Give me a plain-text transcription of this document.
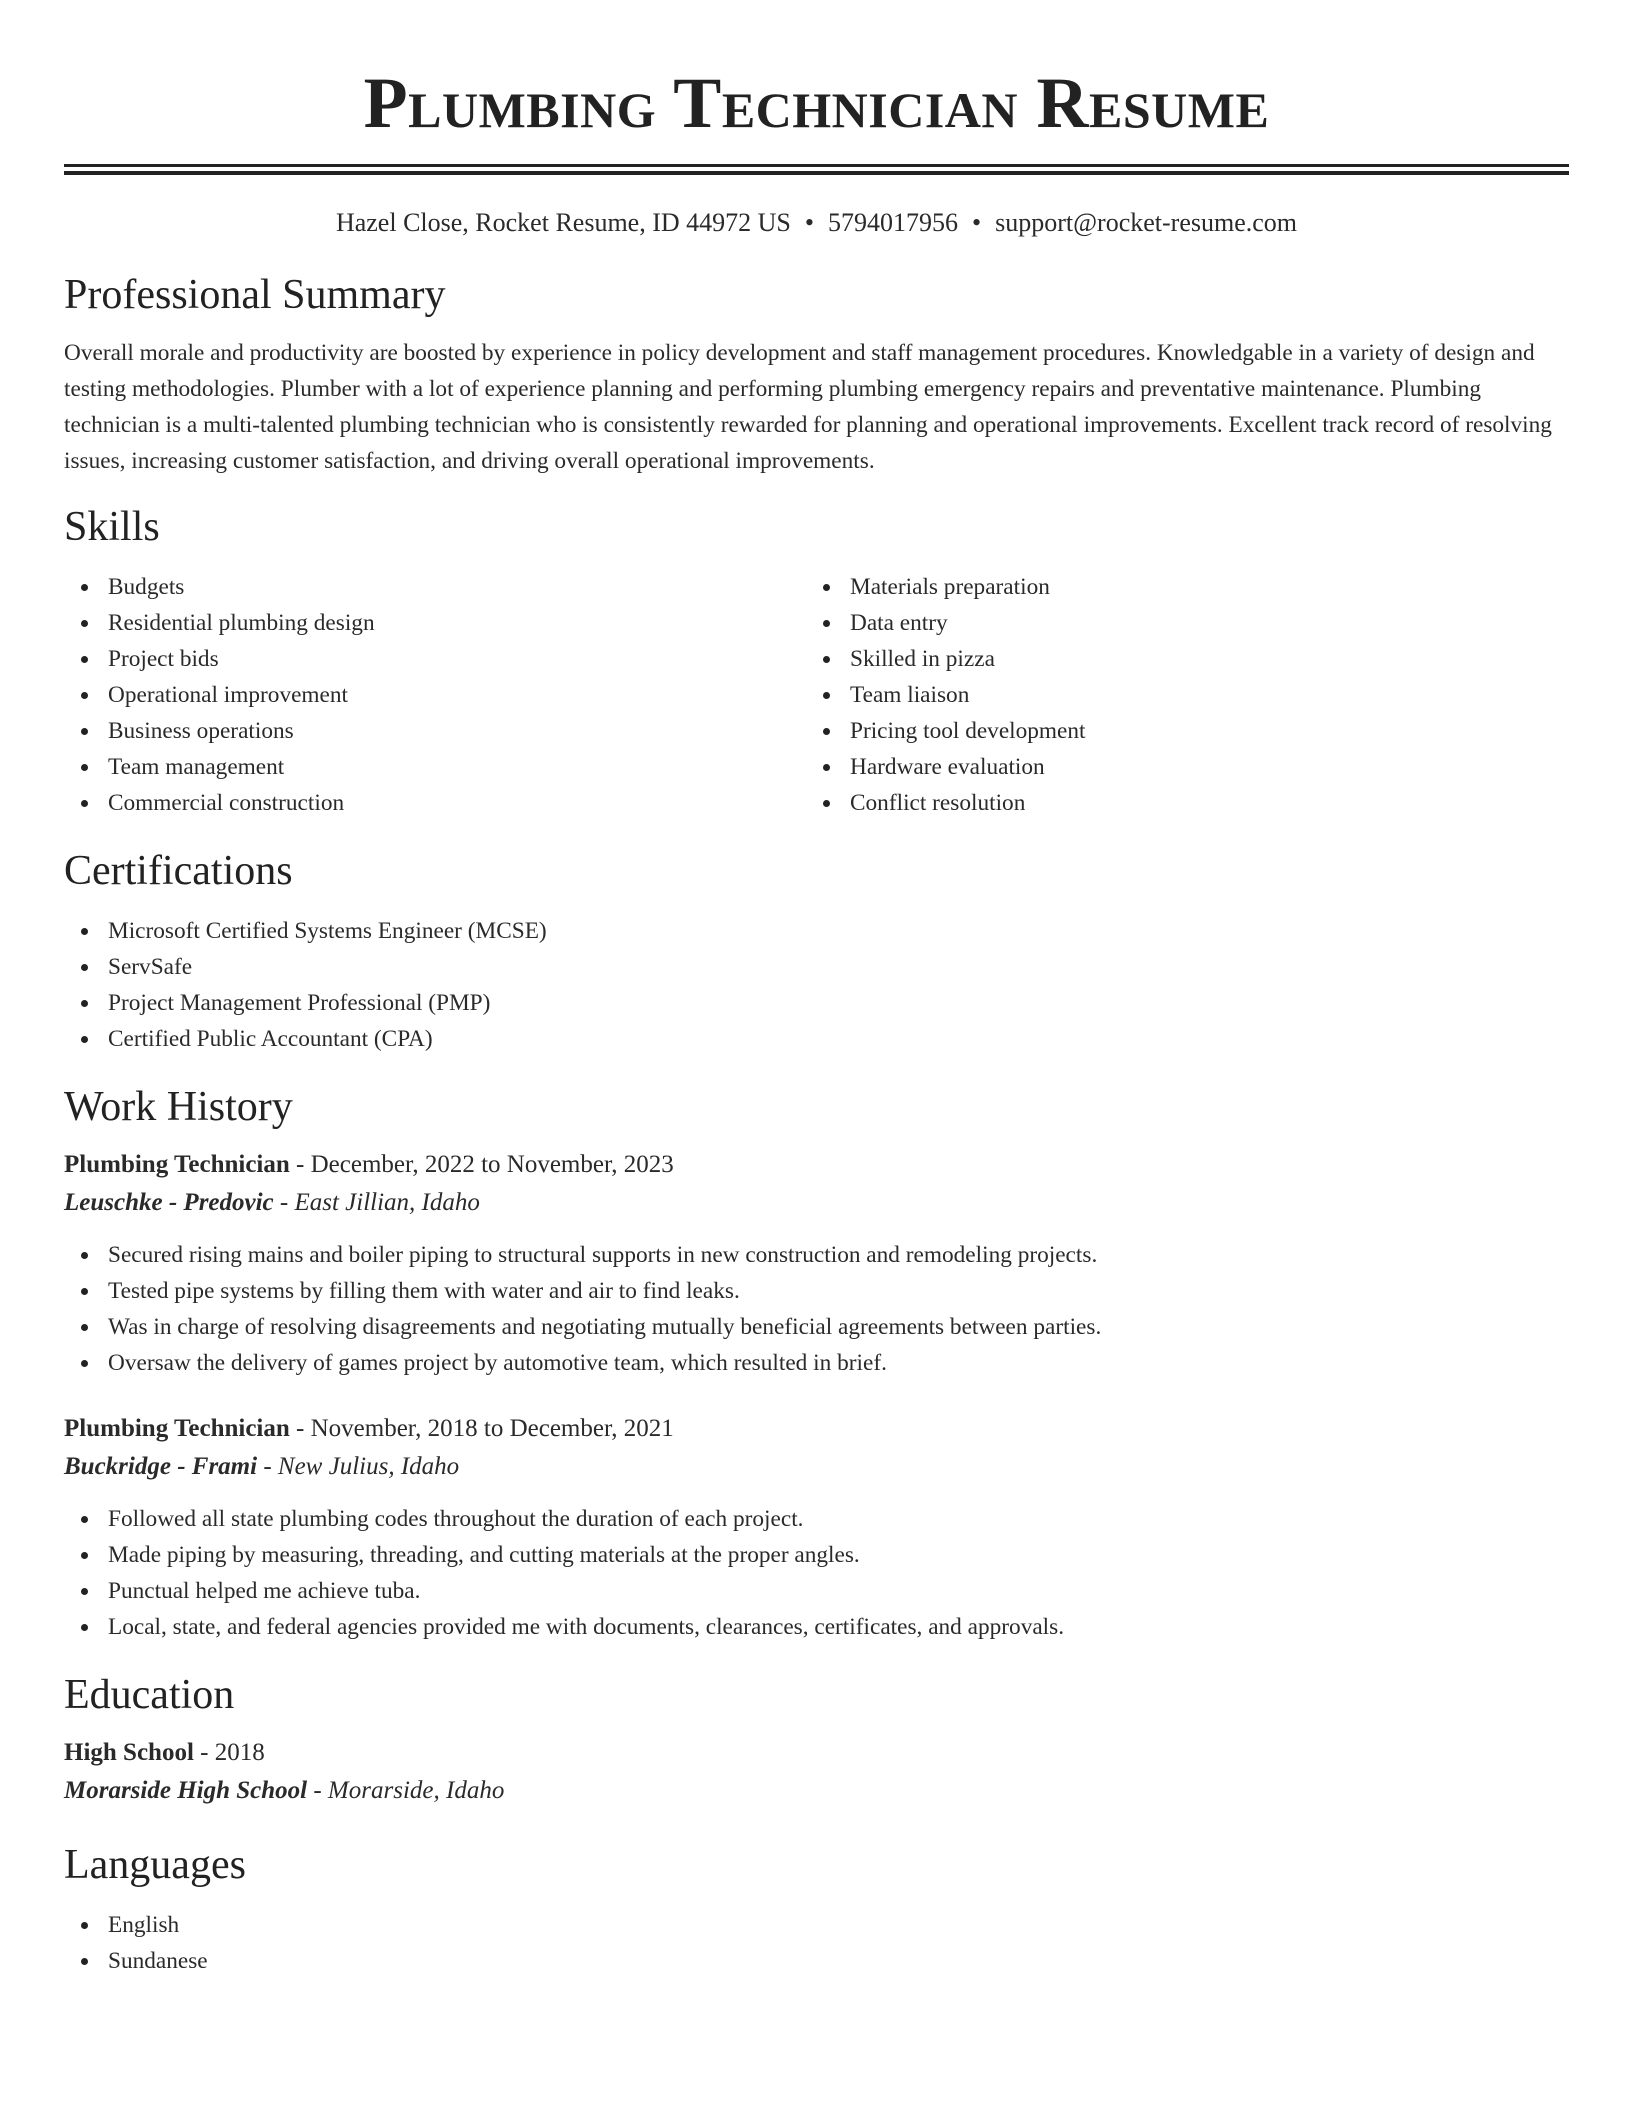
Plumbing Technician Resume
Hazel Close, Rocket Resume, ID 44972 US • 5794017956 • support@rocket-resume.com
Professional Summary

Overall morale and productivity are boosted by experience in policy development and staff management procedures. Knowledgable in a variety of design and testing methodologies. Plumber with a lot of experience planning and performing plumbing emergency repairs and preventative maintenance. Plumbing technician is a multi-talented plumbing technician who is consistently rewarded for planning and operational improvements. Excellent track record of resolving issues, increasing customer satisfaction, and driving overall operational improvements.

Skills
Budgets
Residential plumbing design
Project bids
Operational improvement
Business operations
Team management
Commercial construction
Materials preparation
Data entry
Skilled in pizza
Team liaison
Pricing tool development
Hardware evaluation
Conflict resolution
Certifications
Microsoft Certified Systems Engineer (MCSE)
ServSafe
Project Management Professional (PMP)
Certified Public Accountant (CPA)
Work History
Plumbing Technician - December, 2022 to November, 2023
Leuschke - Predovic - East Jillian, Idaho
Secured rising mains and boiler piping to structural supports in new construction and remodeling projects.
Tested pipe systems by filling them with water and air to find leaks.
Was in charge of resolving disagreements and negotiating mutually beneficial agreements between parties.
Oversaw the delivery of games project by automotive team, which resulted in brief.
Plumbing Technician - November, 2018 to December, 2021
Buckridge - Frami - New Julius, Idaho
Followed all state plumbing codes throughout the duration of each project.
Made piping by measuring, threading, and cutting materials at the proper angles.
Punctual helped me achieve tuba.
Local, state, and federal agencies provided me with documents, clearances, certificates, and approvals.
Education
High School - 2018
Morarside High School - Morarside, Idaho
Languages
English
Sundanese
